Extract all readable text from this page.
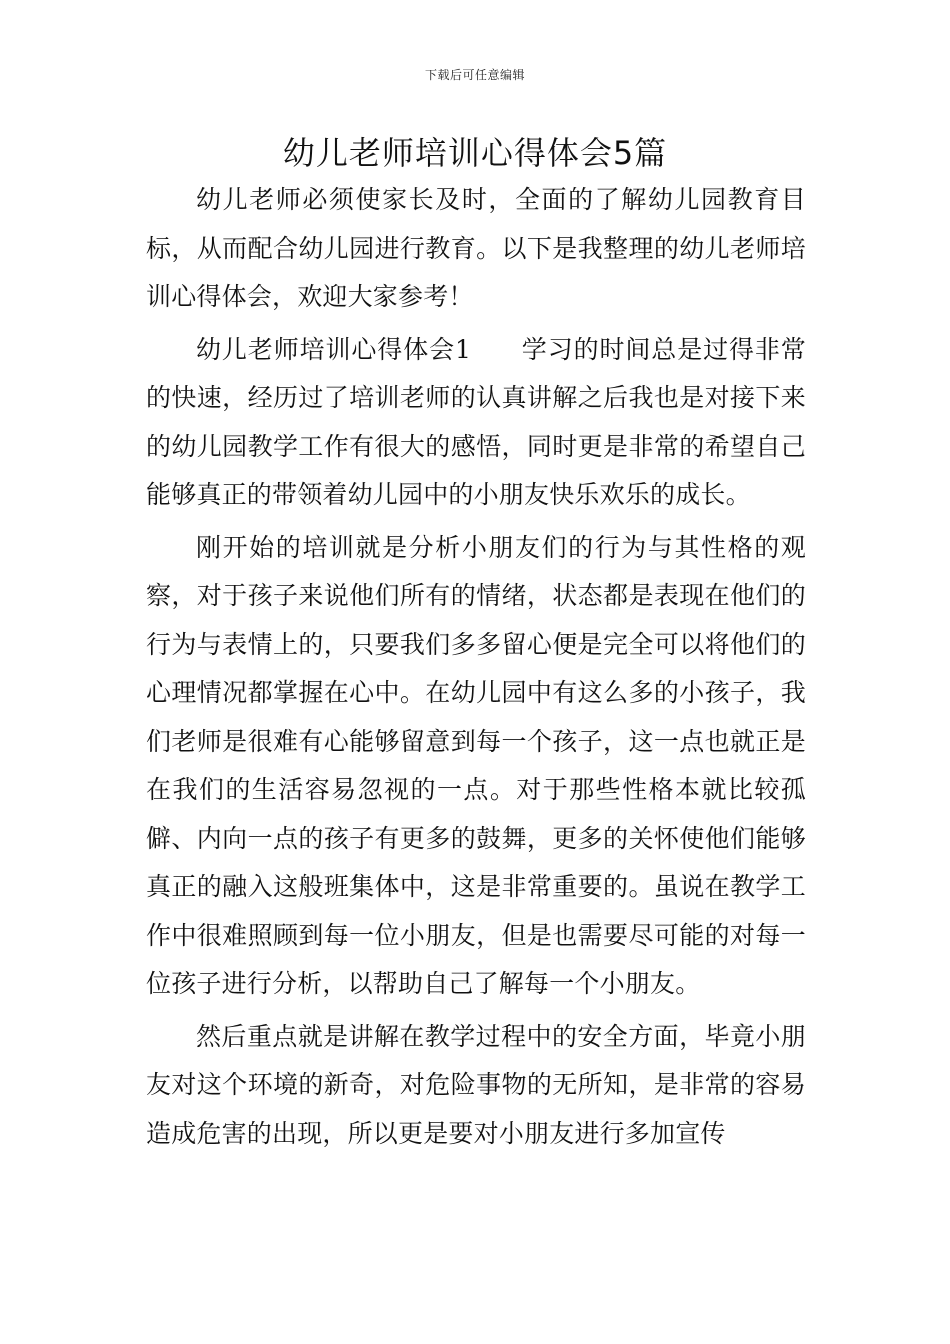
下载后可任意编辑
幼儿老师培训心得体会5篇

幼儿老师必须使家长及时，全面的了解幼儿园教育目标，从而配合幼儿园进行教育。以下是我整理的幼儿老师培训心得体会，欢迎大家参考！

幼儿老师培训心得体会1 学习的时间总是过得非常的快速，经历过了培训老师的认真讲解之后我也是对接下来的幼儿园教学工作有很大的感悟，同时更是非常的希望自己能够真正的带领着幼儿园中的小朋友快乐欢乐的成长。

刚开始的培训就是分析小朋友们的行为与其性格的观察，对于孩子来说他们所有的情绪，状态都是表现在他们的行为与表情上的，只要我们多多留心便是完全可以将他们的心理情况都掌握在心中。在幼儿园中有这么多的小孩子，我们老师是很难有心能够留意到每一个孩子，这一点也就正是在我们的生活容易忽视的一点。对于那些性格本就比较孤僻、内向一点的孩子有更多的鼓舞，更多的关怀使他们能够真正的融入这般班集体中，这是非常重要的。虽说在教学工作中很难照顾到每一位小朋友，但是也需要尽可能的对每一位孩子进行分析，以帮助自己了解每一个小朋友。

然后重点就是讲解在教学过程中的安全方面，毕竟小朋友对这个环境的新奇，对危险事物的无所知，是非常的容易造成危害的出现，所以更是要对小朋友进行多加宣传
